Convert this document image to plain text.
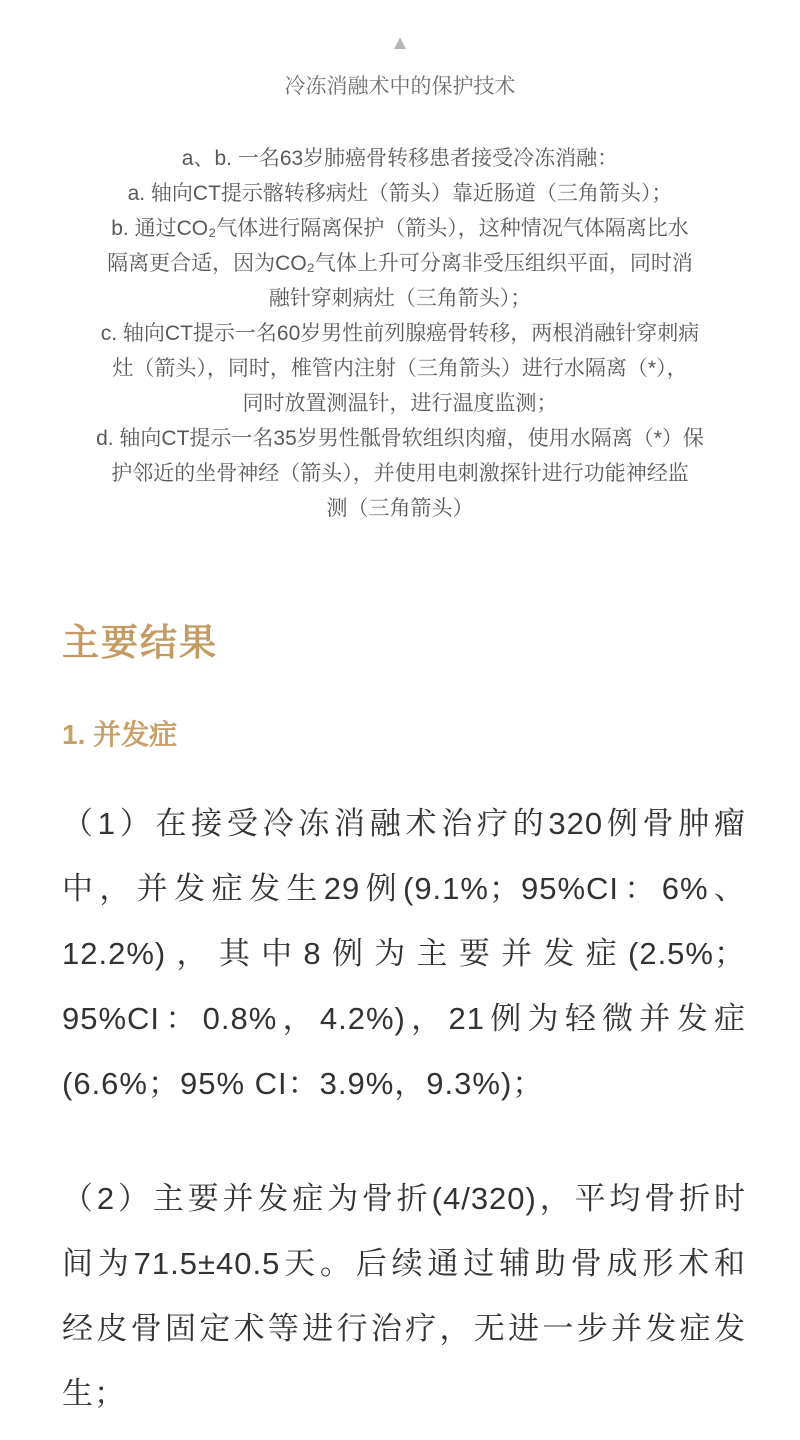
▲
冷冻消融术中的保护技术
a、b. 一名63岁肺癌骨转移患者接受冷冻消融：
a. 轴向CT提示髂转移病灶（箭头）靠近肠道（三角箭头）；
b. 通过CO₂气体进行隔离保护（箭头），这种情况气体隔离比水
隔离更合适，因为CO₂气体上升可分离非受压组织平面，同时消
融针穿刺病灶（三角箭头）；
c. 轴向CT提示一名60岁男性前列腺癌骨转移，两根消融针穿刺病
灶（箭头），同时，椎管内注射（三角箭头）进行水隔离（*），
同时放置测温针，进行温度监测；
d. 轴向CT提示一名35岁男性骶骨软组织肉瘤，使用水隔离（*）保
护邻近的坐骨神经（箭头），并使用电刺激探针进行功能神经监
测（三角箭头）
主要结果
1. 并发症
（1）在接受冷冻消融术治疗的320例骨肿瘤
中，并发症发生29例(9.1%；95%CI：6%、
12.2%)，其中8例为主要并发症(2.5%；
95%CI：0.8%，4.2%)，21例为轻微并发症
(6.6%；95% CI：3.9%，9.3%)；
（2）主要并发症为骨折(4/320)，平均骨折时
间为71.5±40.5天。后续通过辅助骨成形术和
经皮骨固定术等进行治疗，无进一步并发症发
生；
